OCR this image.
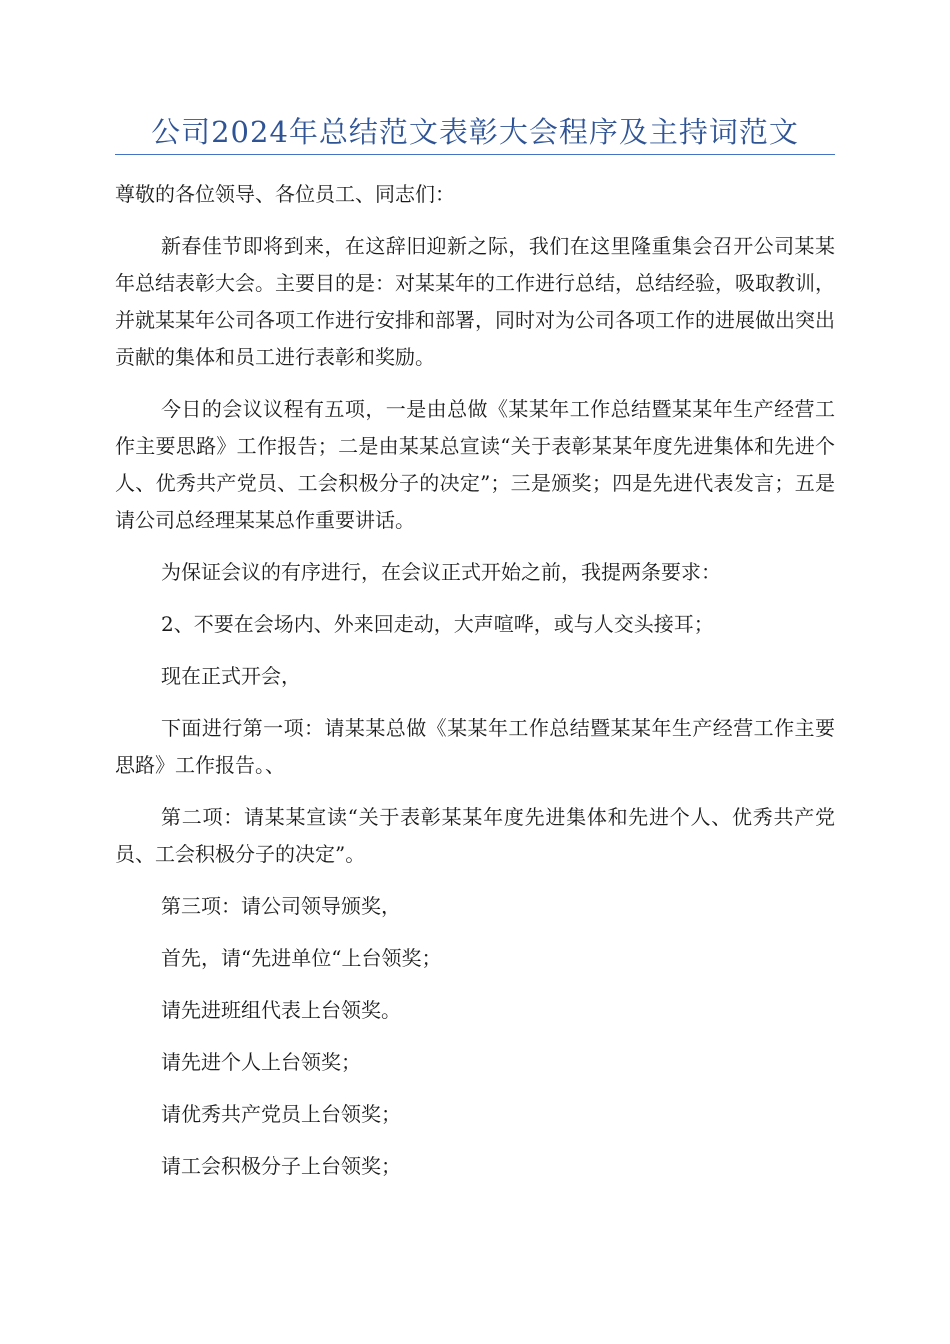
公司2024年总结范文表彰大会程序及主持词范文

尊敬的各位领导、各位员工、同志们：

新春佳节即将到来，在这辞旧迎新之际，我们在这里隆重集会召开公司某某年总结表彰大会。主要目的是：对某某年的工作进行总结，总结经验，吸取教训，并就某某年公司各项工作进行安排和部署，同时对为公司各项工作的进展做出突出贡献的集体和员工进行表彰和奖励。

今日的会议议程有五项，一是由总做《某某年工作总结暨某某年生产经营工作主要思路》工作报告；二是由某某总宣读“关于表彰某某年度先进集体和先进个人、优秀共产党员、工会积极分子的决定”；三是颁奖；四是先进代表发言；五是请公司总经理某某总作重要讲话。

为保证会议的有序进行，在会议正式开始之前，我提两条要求：

2、不要在会场内、外来回走动，大声喧哗，或与人交头接耳；

现在正式开会，

下面进行第一项：请某某总做《某某年工作总结暨某某年生产经营工作主要思路》工作报告。、

第二项：请某某宣读“关于表彰某某年度先进集体和先进个人、优秀共产党员、工会积极分子的决定”。

第三项：请公司领导颁奖，

首先，请“先进单位“上台领奖；

请先进班组代表上台领奖。

请先进个人上台领奖；

请优秀共产党员上台领奖；

请工会积极分子上台领奖；
